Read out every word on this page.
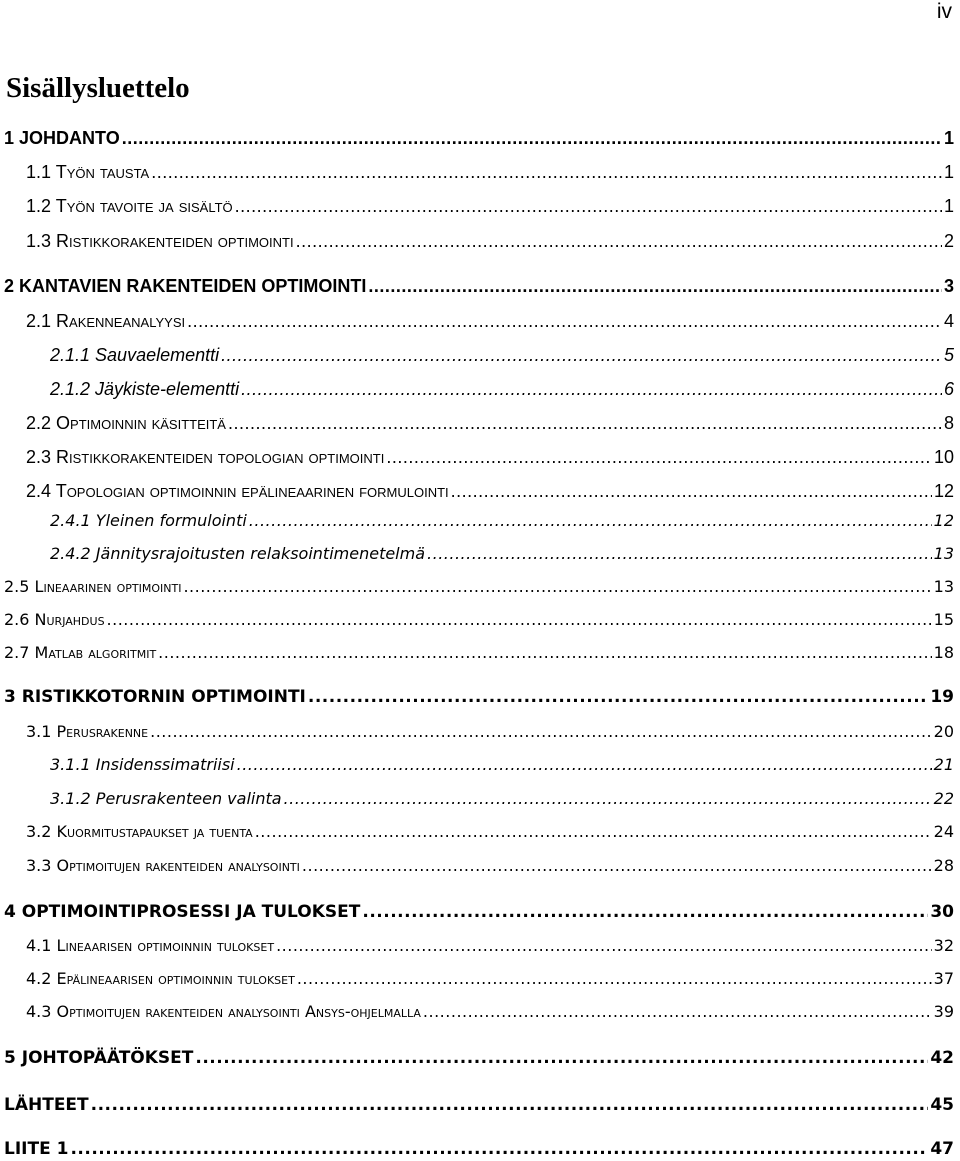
iv
Sisällysluettelo
1 JOHDANTO .....	1
1.1 Työn tausta .....	1
1.2 Työn tavoite ja sisältö .....	1
1.3 Ristikkorakenteiden optimointi .....	2
2 KANTAVIEN RAKENTEIDEN OPTIMOINTI .....	3
2.1 Rakenneanalyysi .....	4
2.1.1 Sauvaelementti .....	5
2.1.2 Jäykiste-elementti .....	6
2.2 Optimoinnin käsitteitä .....	8
2.3 Ristikkorakenteiden topologian optimointi .....	10
2.4 Topologian optimoinnin epälineaarinen formulointi .....	12
2.4.1 Yleinen formulointi .....	12
2.4.2 Jännitysrajoitusten relaksointimenetelmä .....	13
2.5 Lineaarinen optimointi .....	13
2.6 Nurjahdus .....	15
2.7 Matlab algoritmit .....	18
3 RISTIKKOTORNIN OPTIMOINTI .....	19
3.1 Perusrakenne .....	20
3.1.1 Insidenssimatriisi .....	21
3.1.2 Perusrakenteen valinta .....	22
3.2 Kuormitustapaukset ja tuenta .....	24
3.3 Optimoitujen rakenteiden analysointi .....	28
4 OPTIMOINTIPROSESSI JA TULOKSET .....	30
4.1 Lineaarisen optimoinnin tulokset .....	32
4.2 Epälineaarisen optimoinnin tulokset .....	37
4.3 Optimoitujen rakenteiden analysointi Ansys-ohjelmalla .....	39
5 JOHTOPÄÄTÖKSET .....	42
LÄHTEET .....	45
LIITE 1 .....	47
